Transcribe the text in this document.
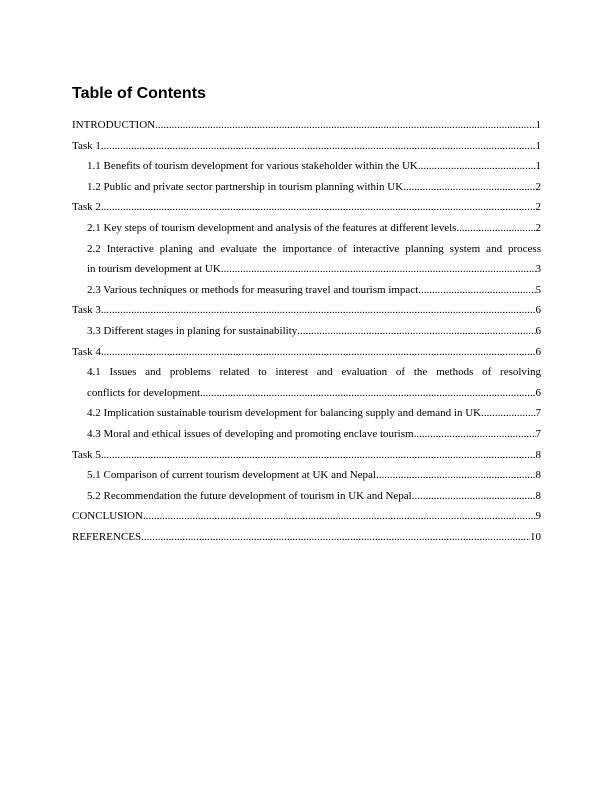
Table of Contents
INTRODUCTION .....	1
Task 1 .....	1
1.1 Benefits of tourism development for various stakeholder within the UK. .....	1
1.2 Public and private sector partnership in tourism planning within UK .....	2
Task 2 .....	2
2.1 Key steps of tourism development and analysis of the features at different levels .....	2
2.2 Interactive planing and evaluate the importance of interactive planning system and process
in tourism development at UK .....	3
2.3 Various techniques or methods for measuring travel and tourism impact. .....	5
Task 3 .....	6
3.3 Different stages in planing for sustainability .....	6
Task 4 .....	6
4.1 Issues and problems related to interest and evaluation of the methods of resolving
conflicts for development .....	6
4.2 Implication sustainable tourism development for balancing supply and demand in UK. .....	7
4.3 Moral and ethical issues of developing and promoting enclave tourism .....	7
Task 5 .....	8
5.1 Comparison of current tourism development at UK and Nepal .....	8
5.2 Recommendation the future development of tourism in UK and Nepal .....	8
CONCLUSION .....	9
REFERENCES .....	10
